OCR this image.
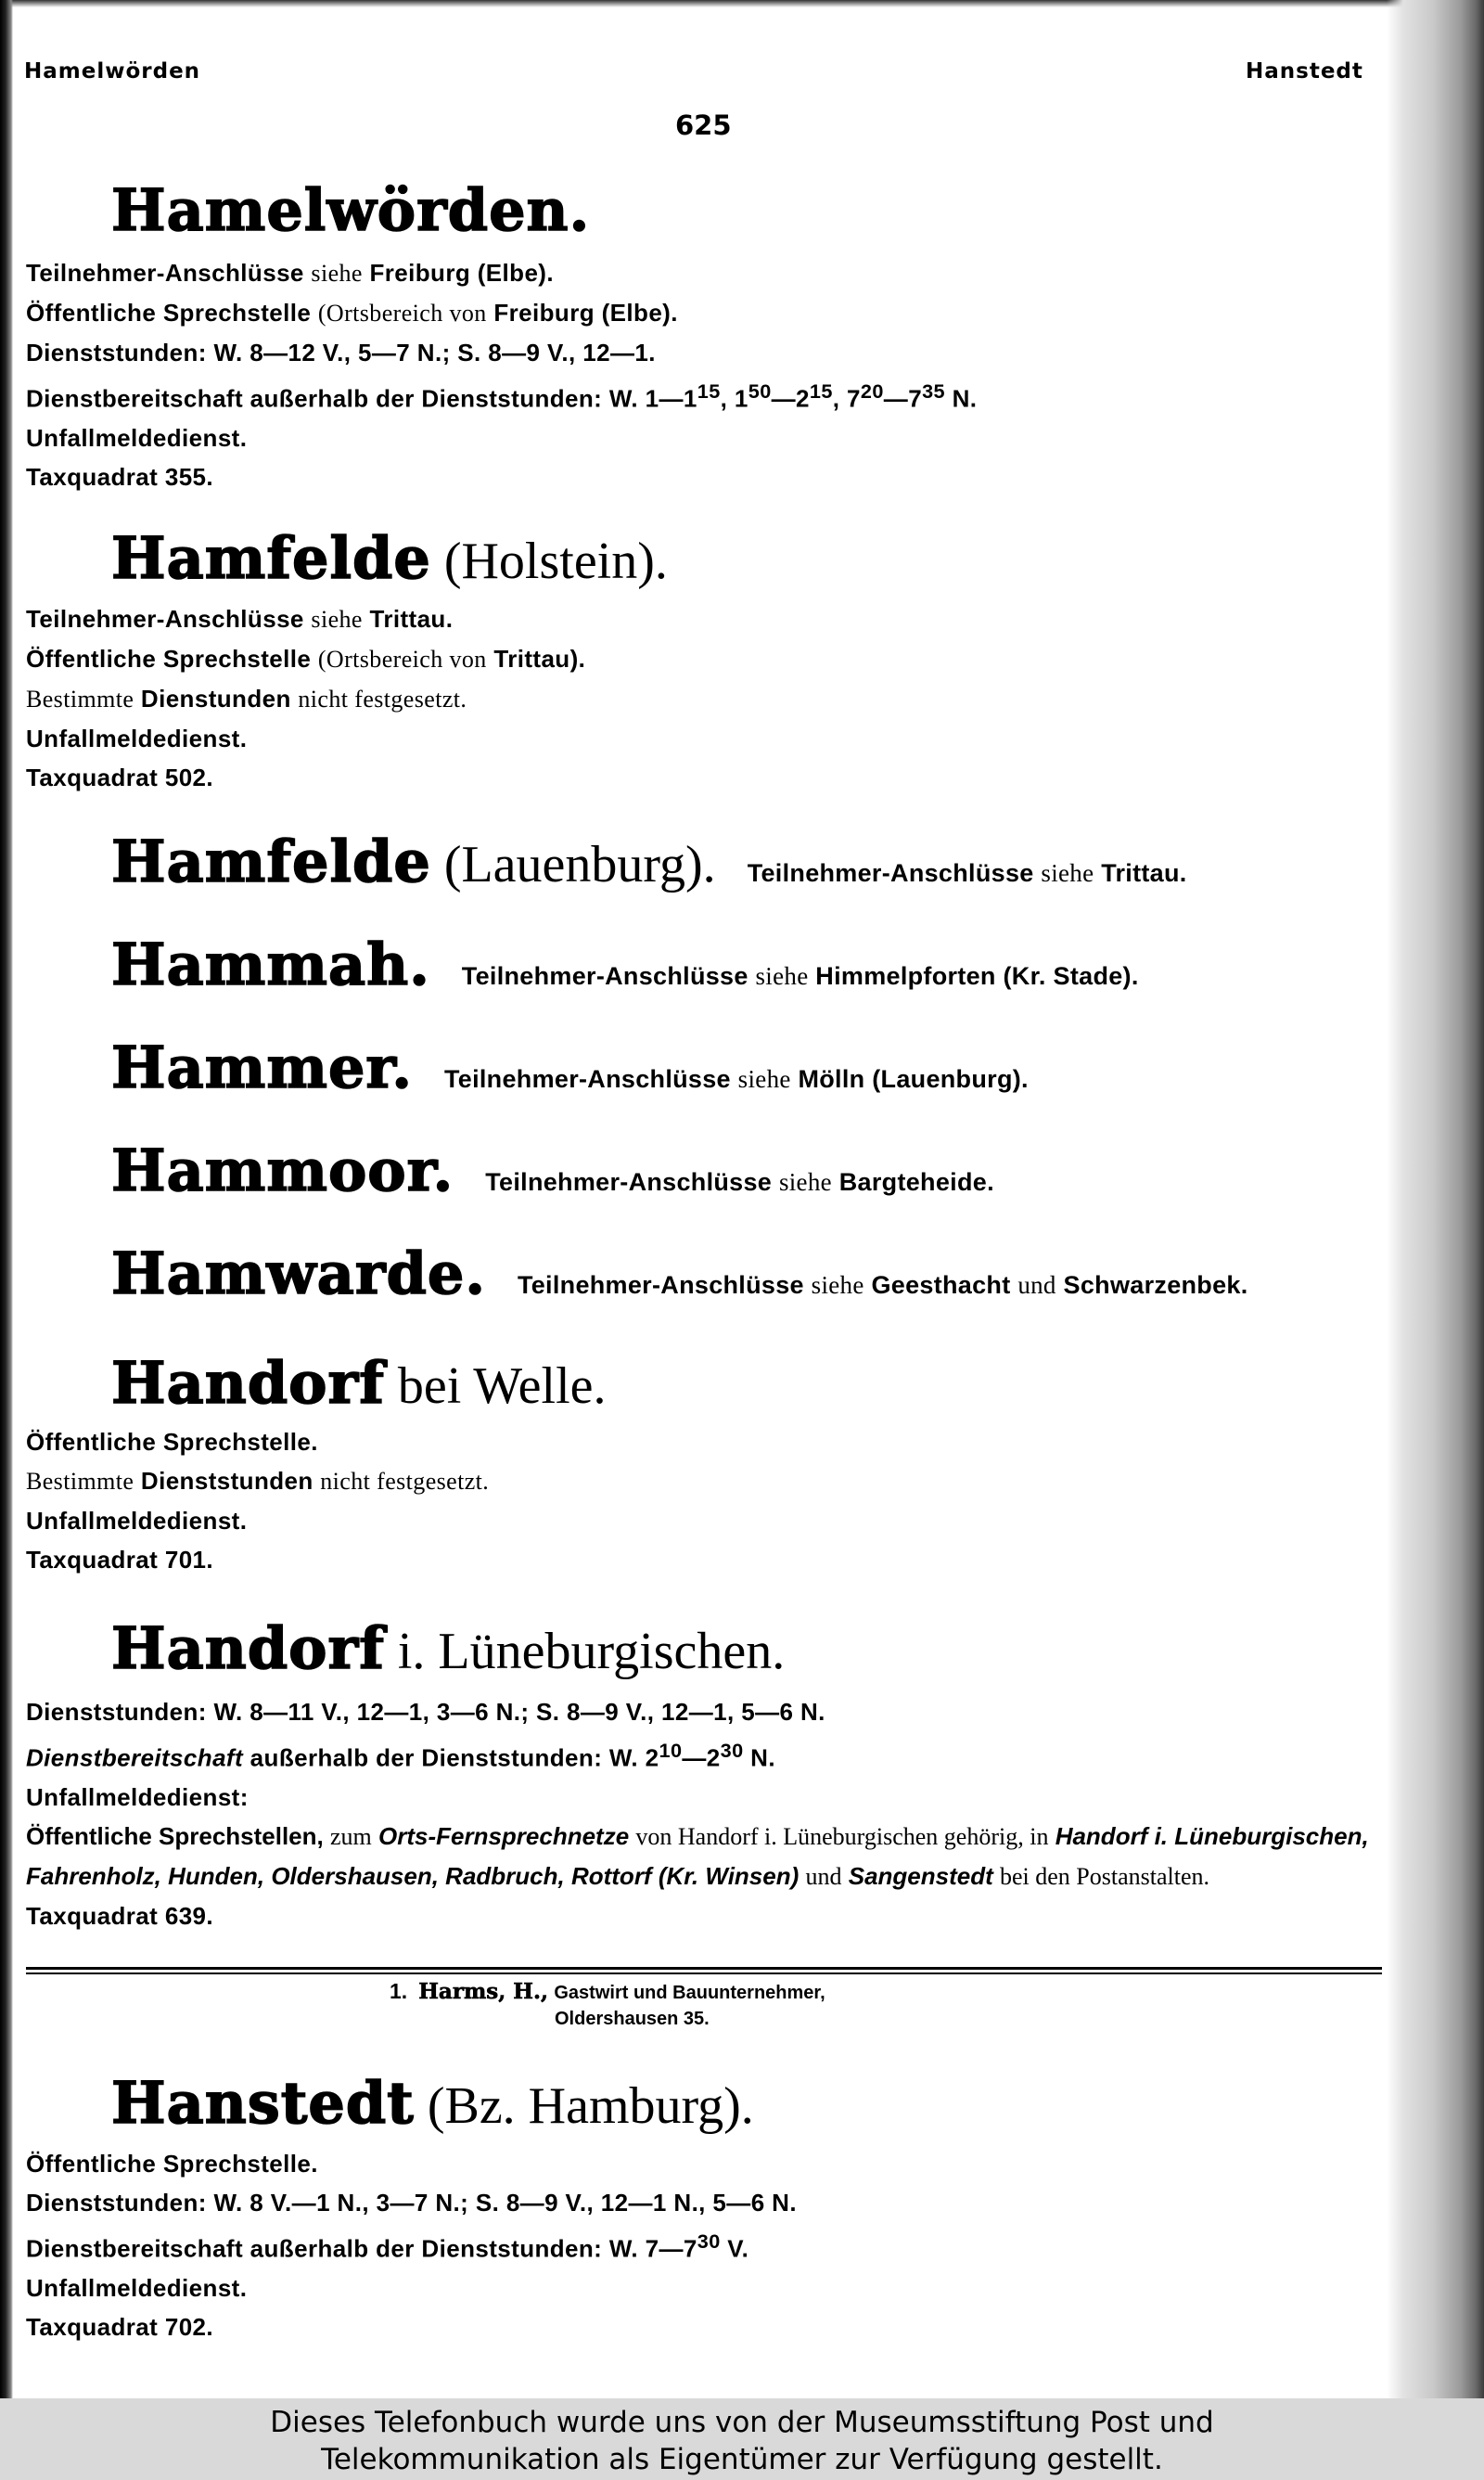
Hamelwörden	Hanstedt
625
Hamelwörden.
Teilnehmer-Anschlüsse siehe Freiburg (Elbe).
Öffentliche Sprechstelle (Ortsbereich von Freiburg (Elbe).
Dienststunden: W. 8—12 V., 5—7 N.; S. 8—9 V., 12—1.
Dienstbereitschaft außerhalb der Dienststunden: W. $1—1^{15}$, $1^{50}—2^{15}$, $7^{20}—7^{35}$ N.
Unfallmeldedienst.
Taxquadrat 355.
Hamfelde (Holstein).
Teilnehmer-Anschlüsse siehe Trittau.
Öffentliche Sprechstelle (Ortsbereich von Trittau).
Bestimmte Dienstunden nicht festgesetzt.
Unfallmeldedienst.
Taxquadrat 502.
Hamfelde (Lauenburg). Teilnehmer-Anschlüsse siehe Trittau.
Hammah. Teilnehmer-Anschlüsse siehe Himmelpforten (Kr. Stade).
Hammer. Teilnehmer-Anschlüsse siehe Mölln (Lauenburg).
Hammoor. Teilnehmer-Anschlüsse siehe Bargteheide.
Hamwarde. Teilnehmer-Anschlüsse siehe Geesthacht und Schwarzenbek.
Handorf bei Welle.
Öffentliche Sprechstelle.
Bestimmte Dienststunden nicht festgesetzt.
Unfallmeldedienst.
Taxquadrat 701.
Handorf i. Lüneburgischen.
Dienststunden: W. 8—11 V., 12—1, 3—6 N.; S. 8—9 V., 12—1, 5—6 N.
Dienstbereitschaft außerhalb der Dienststunden: W. $2^{10}—2^{30}$ N.
Unfallmeldedienst:
Öffentliche Sprechstellen, zum Orts-Fernsprechnetze von Handorf i. Lüneburgischen gehörig, in Handorf i. Lüneburgischen, Fahrenholz, Hunden, Oldershausen, Radbruch, Rottorf (Kr. Winsen) und Sangenstedt bei den Postanstalten.
Taxquadrat 639.
1. Harms, H., Gastwirt und Bauunternehmer,
Oldershausen 35.
Hanstedt (Bz. Hamburg).
Öffentliche Sprechstelle.
Dienststunden: W. 8 V.—1 N., 3—7 N.; S. 8—9 V., 12—1 N., 5—6 N.
Dienstbereitschaft außerhalb der Dienststunden: W. $7—7^{30}$ V.
Unfallmeldedienst.
Taxquadrat 702.
Dieses Telefonbuch wurde uns von der Museumsstiftung Post und
Telekommunikation als Eigentümer zur Verfügung gestellt.
